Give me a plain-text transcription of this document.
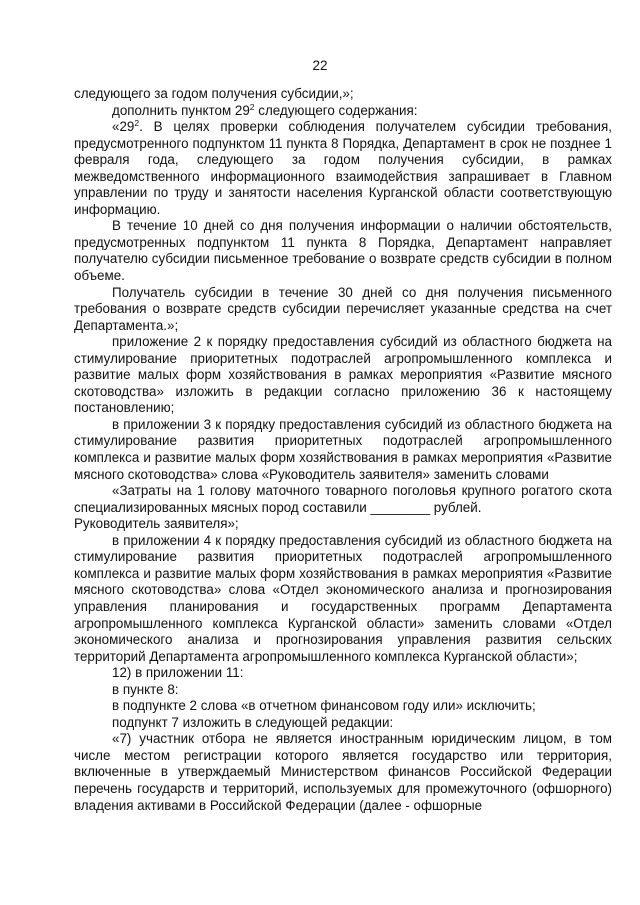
22

следующего за годом получения субсидии,»;

дополнить пунктом $29^2$ следующего содержания:

«$29^2$. В целях проверки соблюдения получателем субсидии требования, предусмотренного подпунктом 11 пункта 8 Порядка, Департамент в срок не позднее 1 февраля года, следующего за годом получения субсидии, в рамках межведомственного информационного взаимодействия запрашивает в Главном управлении по труду и занятости населения Курганской области соответствующую информацию.

В течение 10 дней со дня получения информации о наличии обстоятельств, предусмотренных подпунктом 11 пункта 8 Порядка, Департамент направляет получателю субсидии письменное требование о возврате средств субсидии в полном объеме.

Получатель субсидии в течение 30 дней со дня получения письменного требования о возврате средств субсидии перечисляет указанные средства на счет Департамента.»;

приложение 2 к порядку предоставления субсидий из областного бюджета на стимулирование приоритетных подотраслей агропромышленного комплекса и развитие малых форм хозяйствования в рамках мероприятия «Развитие мясного скотоводства» изложить в редакции согласно приложению 36 к настоящему постановлению;

в приложении 3 к порядку предоставления субсидий из областного бюджета на стимулирование развития приоритетных подотраслей агропромышленного комплекса и развитие малых форм хозяйствования в рамках мероприятия «Развитие мясного скотоводства» слова «Руководитель заявителя» заменить словами

«Затраты на 1 голову маточного товарного поголовья крупного рогатого скота специализированных мясных пород составили ________ рублей.

Руководитель заявителя»;

в приложении 4 к порядку предоставления субсидий из областного бюджета на стимулирование развития приоритетных подотраслей агропромышленного комплекса и развитие малых форм хозяйствования в рамках мероприятия «Развитие мясного скотоводства» слова «Отдел экономического анализа и прогнозирования управления планирования и государственных программ Департамента агропромышленного комплекса Курганской области» заменить словами «Отдел экономического анализа и прогнозирования управления развития сельских территорий Департамента агропромышленного комплекса Курганской области»;

12) в приложении 11:

в пункте 8:

в подпункте 2 слова «в отчетном финансовом году или» исключить;

подпункт 7 изложить в следующей редакции:

«7) участник отбора не является иностранным юридическим лицом, в том числе местом регистрации которого является государство или территория, включенные в утверждаемый Министерством финансов Российской Федерации перечень государств и территорий, используемых для промежуточного (офшорного) владения активами в Российской Федерации (далее - офшорные
